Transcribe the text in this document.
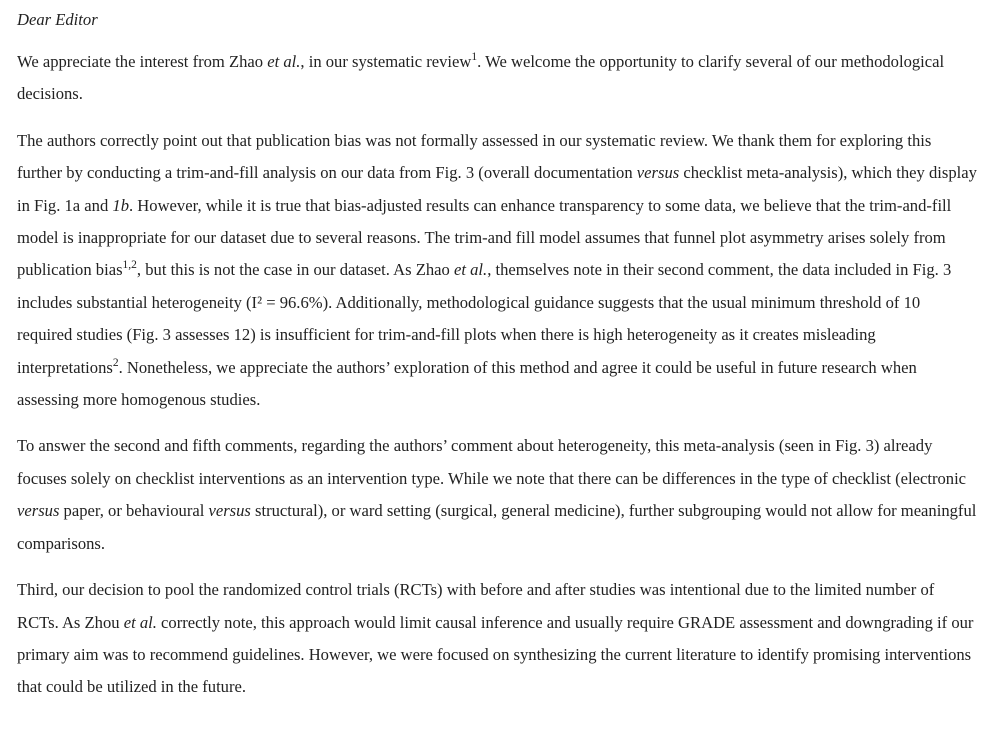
Dear Editor

We appreciate the interest from Zhao et al., in our systematic review$^1$. We welcome the opportunity to clarify several of our methodological decisions.

The authors correctly point out that publication bias was not formally assessed in our systematic review. We thank them for exploring this further by conducting a trim-and-fill analysis on our data from Fig. 3 (overall documentation versus checklist meta-analysis), which they display in Fig. 1a and 1b. However, while it is true that bias-adjusted results can enhance transparency to some data, we believe that the trim-and-fill model is inappropriate for our dataset due to several reasons. The trim-and fill model assumes that funnel plot asymmetry arises solely from publication bias$^{1,2}$, but this is not the case in our dataset. As Zhao et al., themselves note in their second comment, the data included in Fig. 3 includes substantial heterogeneity (I² = 96.6%). Additionally, methodological guidance suggests that the usual minimum threshold of 10 required studies (Fig. 3 assesses 12) is insufficient for trim-and-fill plots when there is high heterogeneity as it creates misleading interpretations$^2$. Nonetheless, we appreciate the authors’ exploration of this method and agree it could be useful in future research when assessing more homogenous studies.

To answer the second and fifth comments, regarding the authors’ comment about heterogeneity, this meta-analysis (seen in Fig. 3) already focuses solely on checklist interventions as an intervention type. While we note that there can be differences in the type of checklist (electronic versus paper, or behavioural versus structural), or ward setting (surgical, general medicine), further subgrouping would not allow for meaningful comparisons.

Third, our decision to pool the randomized control trials (RCTs) with before and after studies was intentional due to the limited number of RCTs. As Zhou et al. correctly note, this approach would limit causal inference and usually require GRADE assessment and downgrading if our primary aim was to recommend guidelines. However, we were focused on synthesizing the current literature to identify promising interventions that could be utilized in the future.
